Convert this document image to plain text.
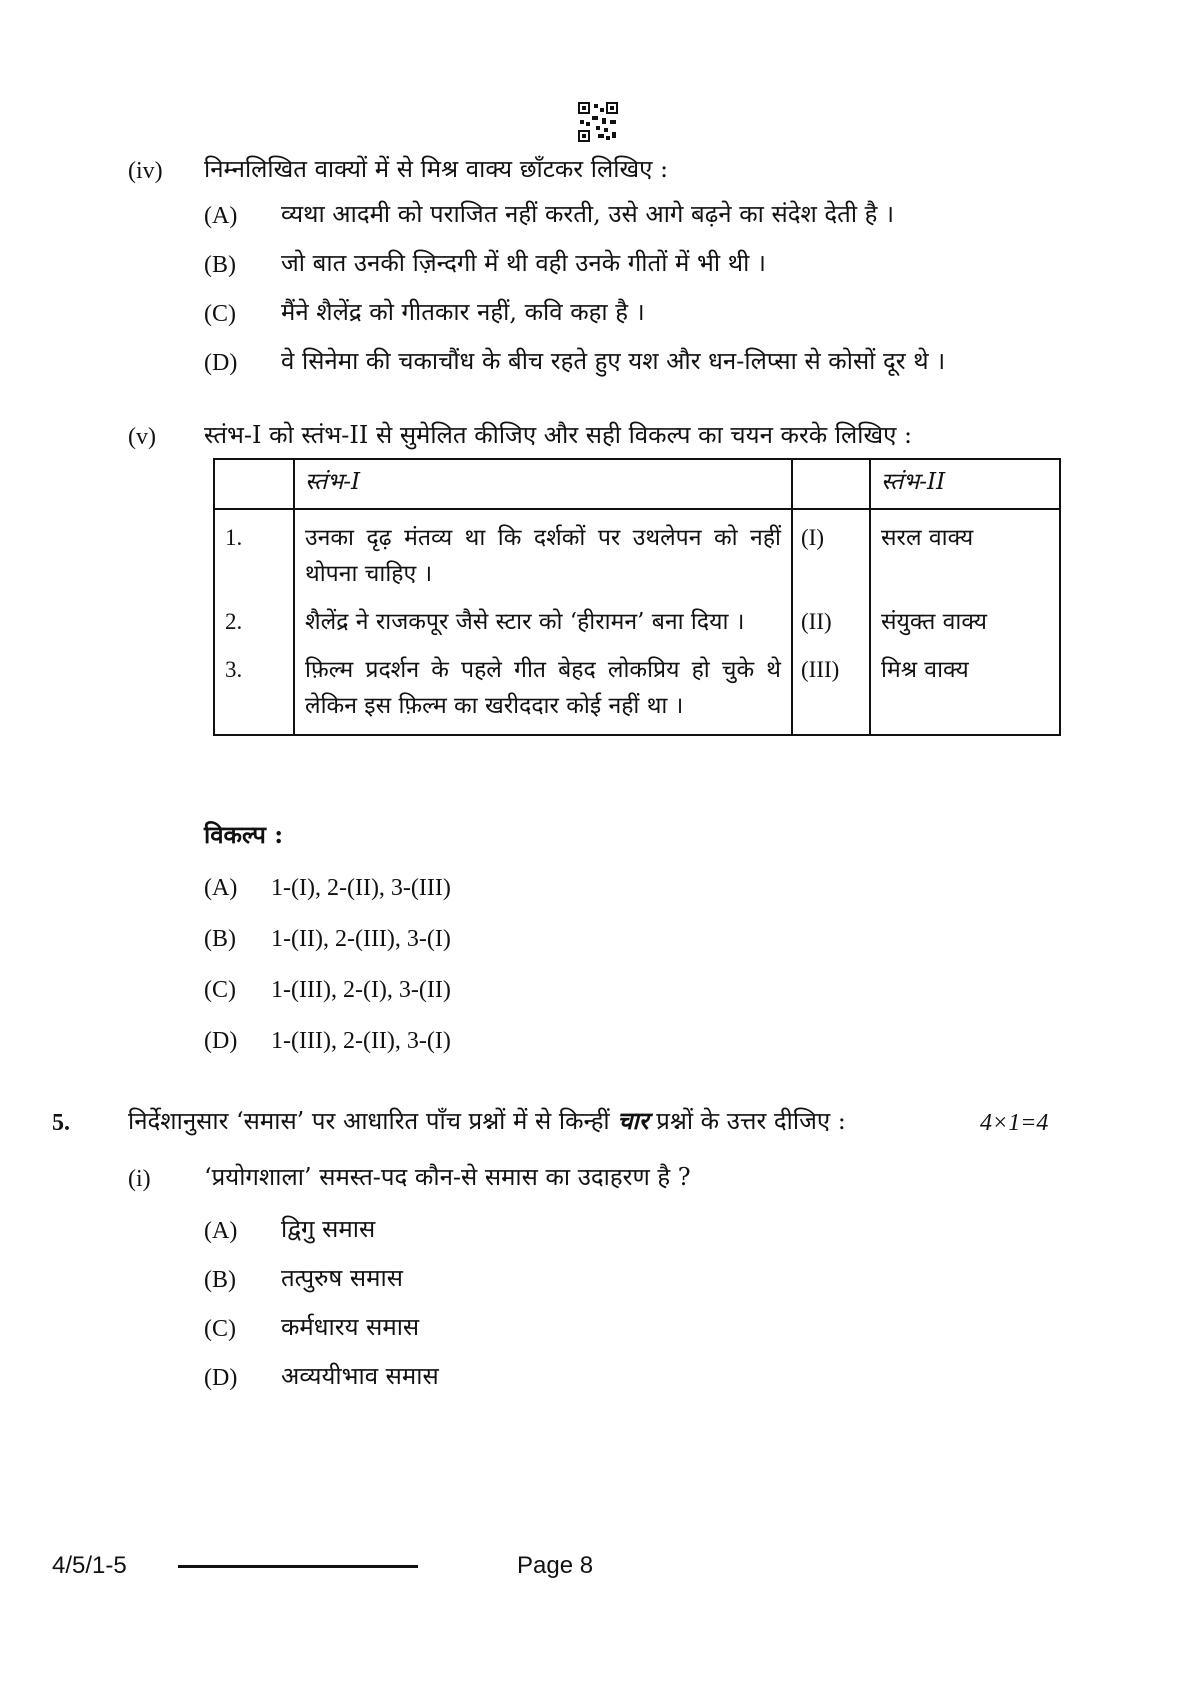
(iv) निम्नलिखित वाक्यों में से मिश्र वाक्य छाँटकर लिखिए :
(A) व्यथा आदमी को पराजित नहीं करती, उसे आगे बढ़ने का संदेश देती है ।
(B) जो बात उनकी ज़िन्दगी में थी वही उनके गीतों में भी थी ।
(C) मैंने शैलेंद्र को गीतकार नहीं, कवि कहा है ।
(D) वे सिनेमा की चकाचौंध के बीच रहते हुए यश और धन-लिप्सा से कोसों दूर थे ।
(v) स्तंभ-I को स्तंभ-II से सुमेलित कीजिए और सही विकल्प का चयन करके लिखिए :
	स्तंभ-I		स्तंभ-II
1.	उनका दृढ़ मंतव्य था कि दर्शकों पर उथलेपन को नहीं थोपना चाहिए ।	(I)	सरल वाक्य
2.	शैलेंद्र ने राजकपूर जैसे स्टार को ‘हीरामन’ बना दिया ।	(II)	संयुक्त वाक्य
3.	फ़िल्म प्रदर्शन के पहले गीत बेहद लोकप्रिय हो चुके थे लेकिन इस फ़िल्म का खरीददार कोई नहीं था ।	(III)	मिश्र वाक्य
विकल्प :
(A) 1-(I), 2-(II), 3-(III)
(B) 1-(II), 2-(III), 3-(I)
(C) 1-(III), 2-(I), 3-(II)
(D) 1-(III), 2-(II), 3-(I)
5. निर्देशानुसार ‘समास’ पर आधारित पाँच प्रश्नों में से किन्हीं चार प्रश्नों के उत्तर दीजिए :	4×1=4
(i) ‘प्रयोगशाला’ समस्त-पद कौन-से समास का उदाहरण है ?
(A) द्विगु समास
(B) तत्पुरुष समास
(C) कर्मधारय समास
(D) अव्ययीभाव समास
4/5/1-5	Page 8
